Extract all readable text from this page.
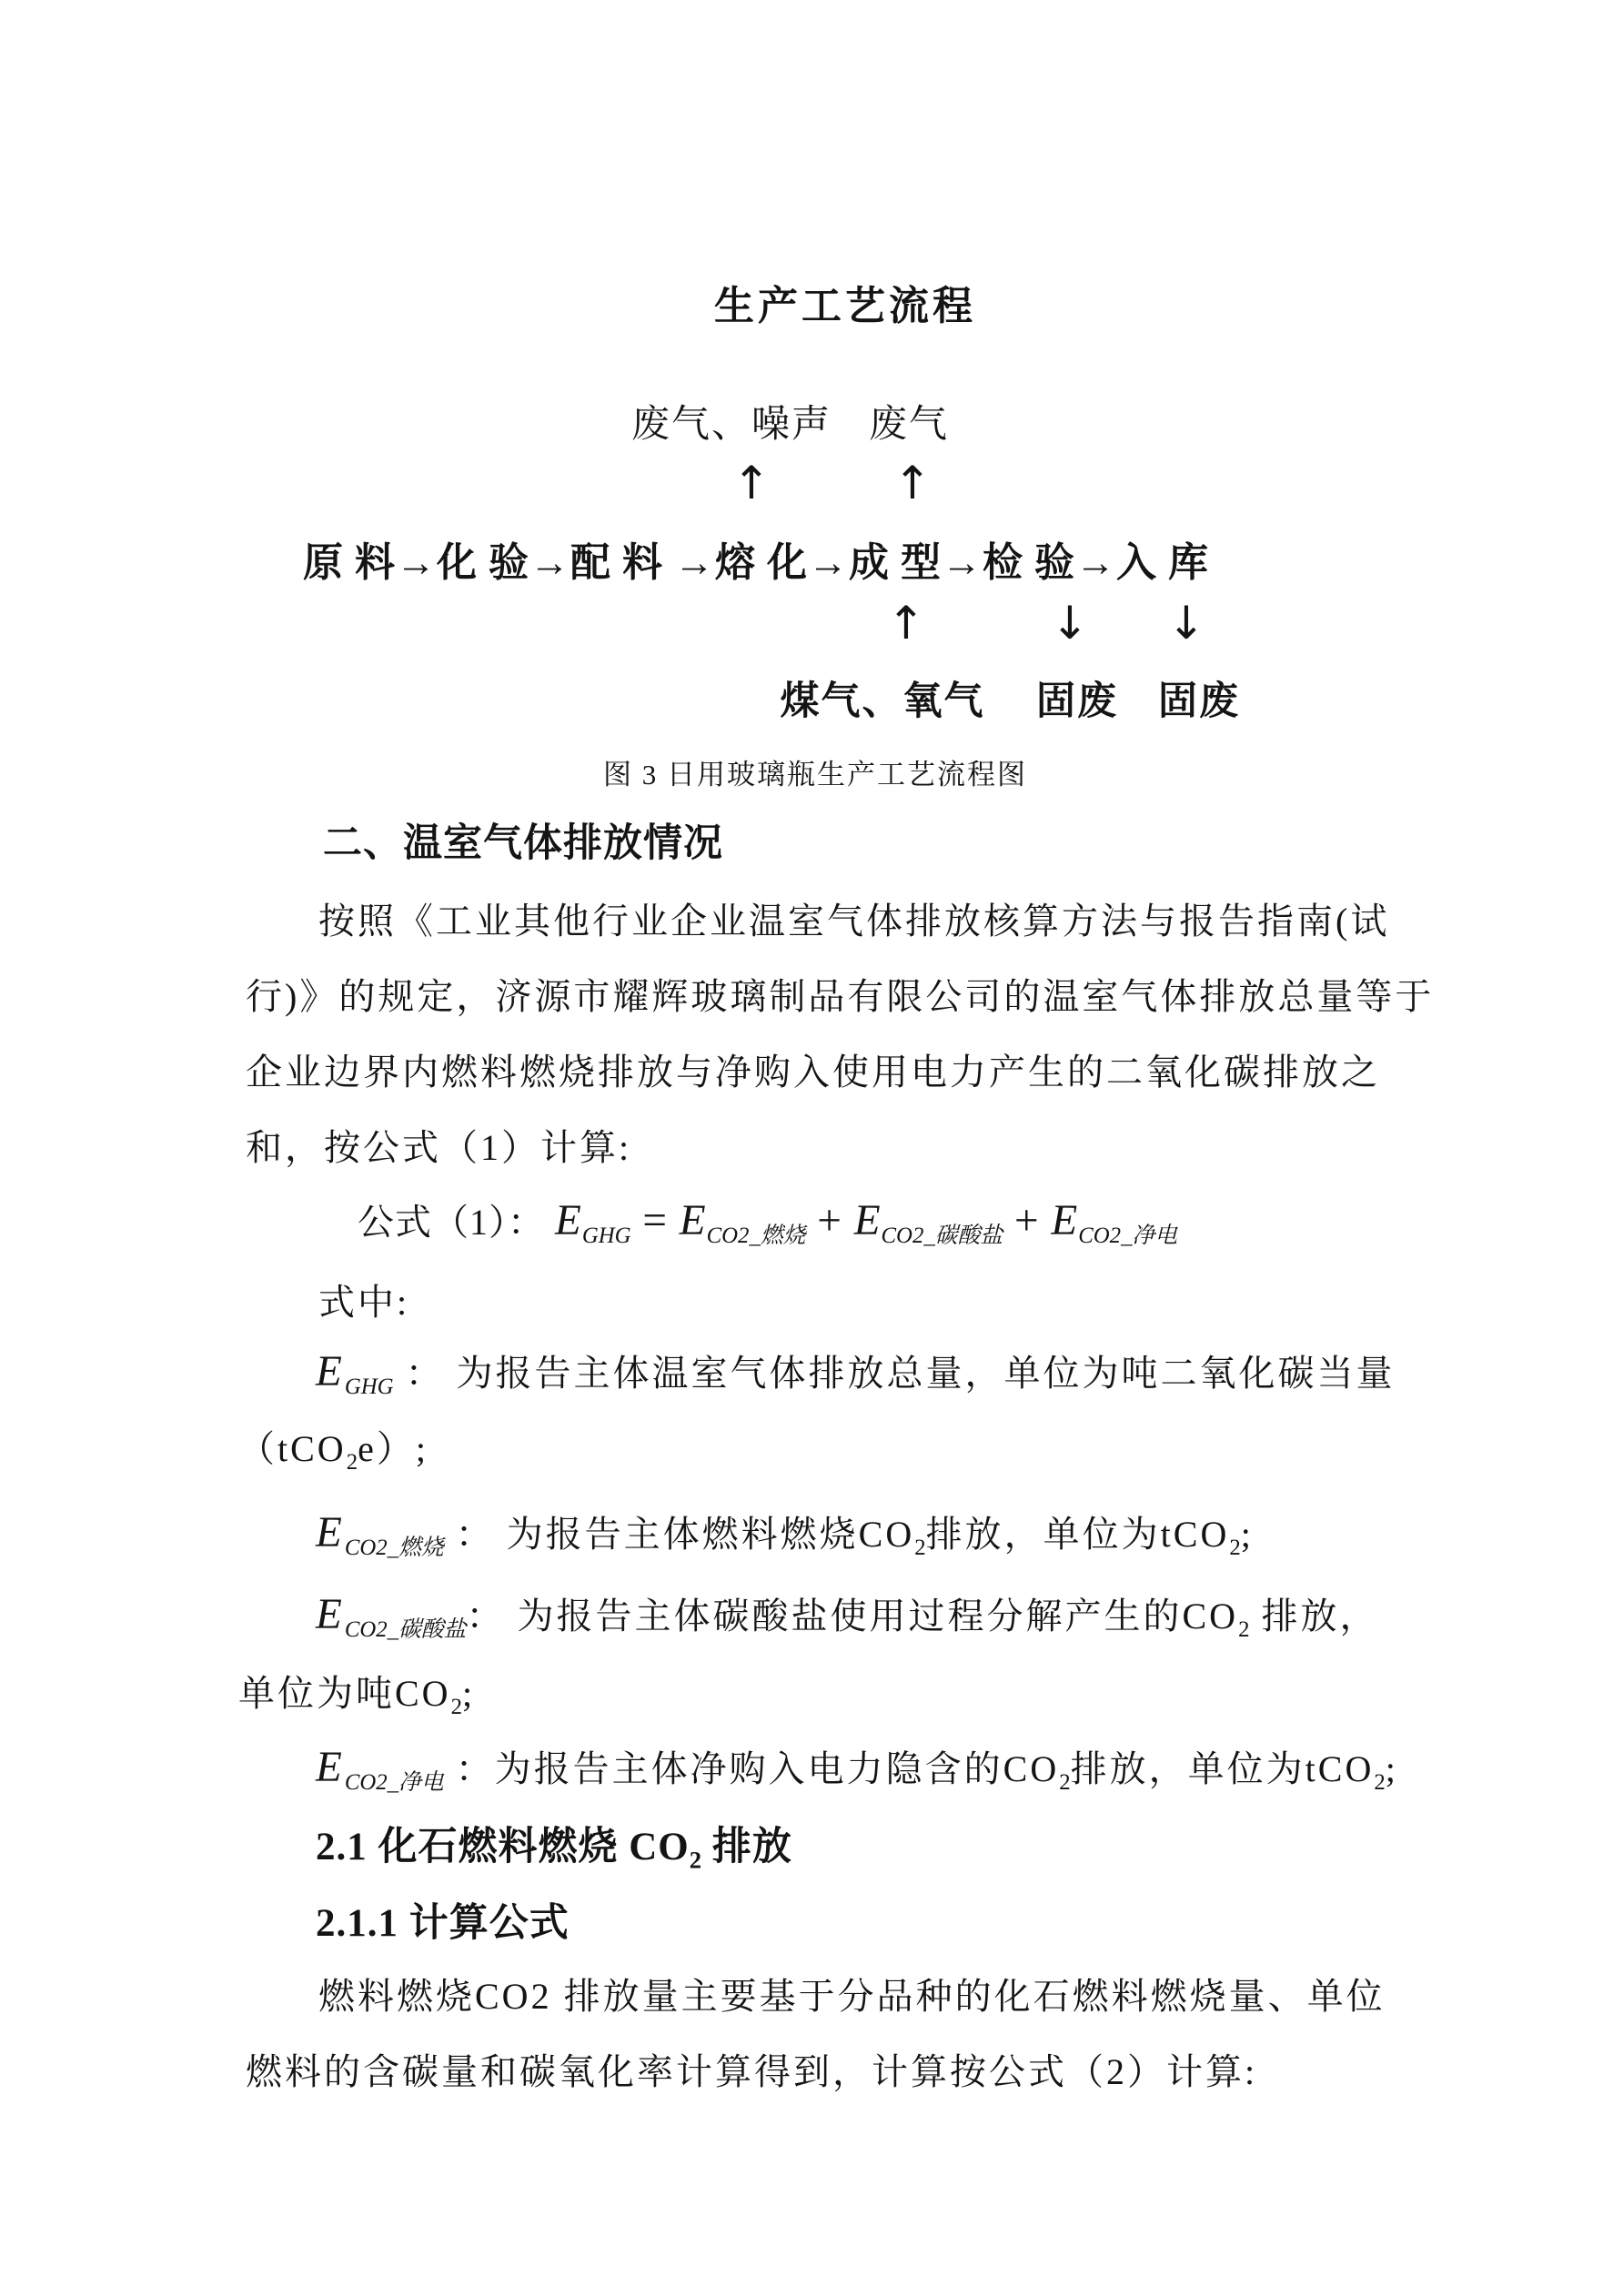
生产工艺流程
废气、噪声 废气
↑	↑
原 料→化 验→配 料 →熔 化→成 型→检 验→入 库
↑	↓ ↓
煤气、氧气 固废 固废
图 3 日用玻璃瓶生产工艺流程图
二、温室气体排放情况
按照《工业其他行业企业温室气体排放核算方法与报告指南(试
行)》的规定，济源市耀辉玻璃制品有限公司的温室气体排放总量等于
企业边界内燃料燃烧排放与净购入使用电力产生的二氧化碳排放之
和，按公式（1）计算:
公式（1）： $E_{GHG} = E_{CO2\_燃烧} + E_{CO2\_碳酸盐} + E_{CO2\_净电}$
式中:
$E_{GHG}$ ： 为报告主体温室气体排放总量，单位为吨二氧化碳当量
（tCO$_2$e）;
$E_{CO2\_燃烧}$ ： 为报告主体燃料燃烧$CO_2$排放，单位为tCO$_2$;
$E_{CO2\_碳酸盐}$： 为报告主体碳酸盐使用过程分解产生的$CO_2$ 排放，
单位为吨$CO_2$;
$E_{CO2\_净电}$ ：为报告主体净购入电力隐含的$CO_2$排放，单位为tCO$_2$;
2.1 化石燃料燃烧 $CO_2$ 排放
2.1.1 计算公式
燃料燃烧CO2 排放量主要基于分品种的化石燃料燃烧量、单位
燃料的含碳量和碳氧化率计算得到，计算按公式（2）计算:
